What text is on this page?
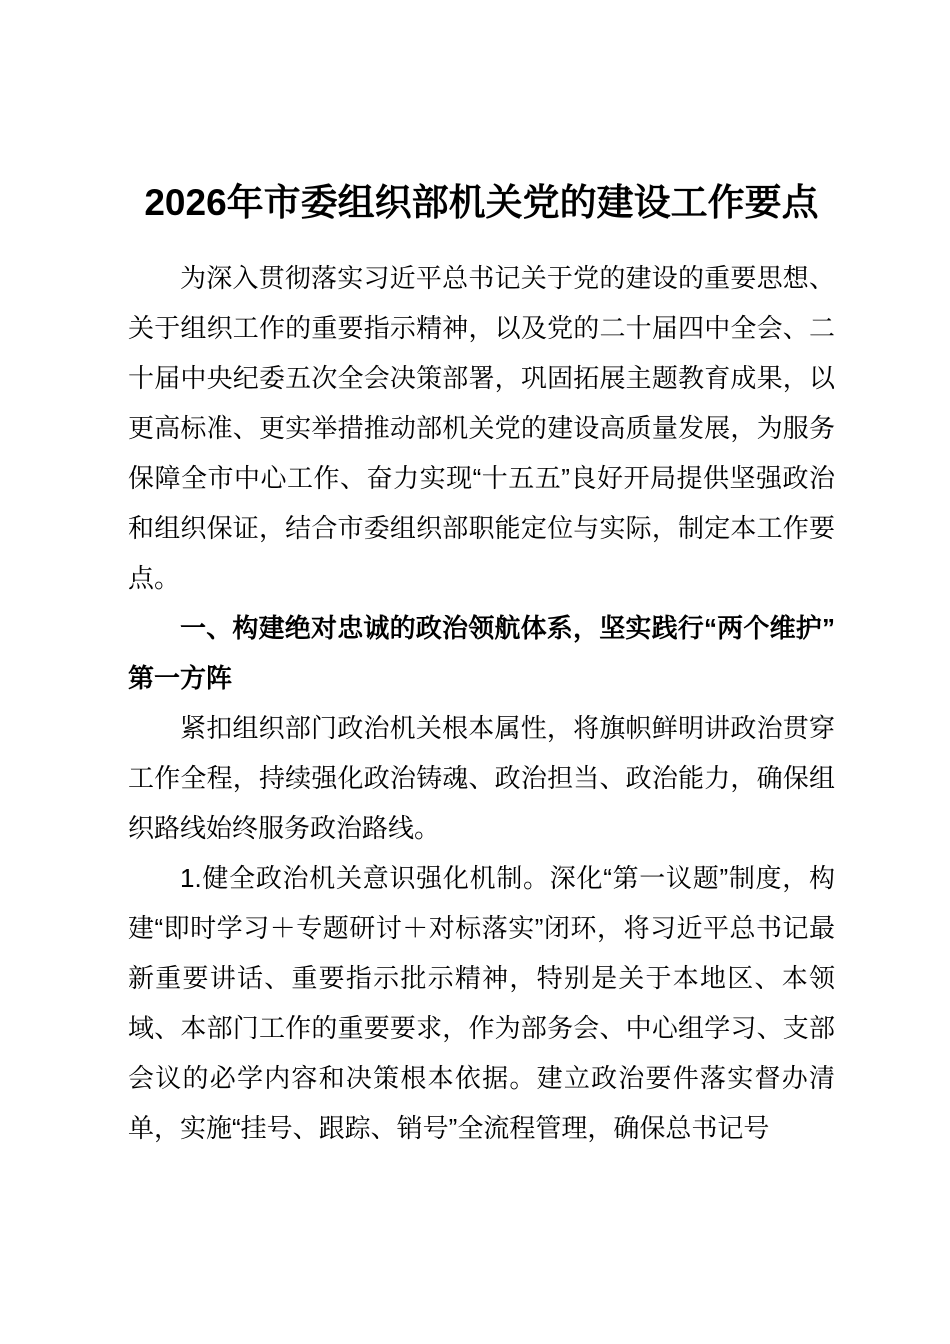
2026年市委组织部机关党的建设工作要点

为深入贯彻落实习近平总书记关于党的建设的重要思想、关于组织工作的重要指示精神，以及党的二十届四中全会、二十届中央纪委五次全会决策部署，巩固拓展主题教育成果，以更高标准、更实举措推动部机关党的建设高质量发展，为服务保障全市中心工作、奋力实现“十五五”良好开局提供坚强政治和组织保证，结合市委组织部职能定位与实际，制定本工作要点。

一、构建绝对忠诚的政治领航体系，坚实践行“两个维护”第一方阵

紧扣组织部门政治机关根本属性，将旗帜鲜明讲政治贯穿工作全程，持续强化政治铸魂、政治担当、政治能力，确保组织路线始终服务政治路线。

1.健全政治机关意识强化机制。深化“第一议题”制度，构建“即时学习＋专题研讨＋对标落实”闭环，将习近平总书记最新重要讲话、重要指示批示精神，特别是关于本地区、本领域、本部门工作的重要要求，作为部务会、中心组学习、支部会议的必学内容和决策根本依据。建立政治要件落实督办清单，实施“挂号、跟踪、销号”全流程管理，确保总书记号
